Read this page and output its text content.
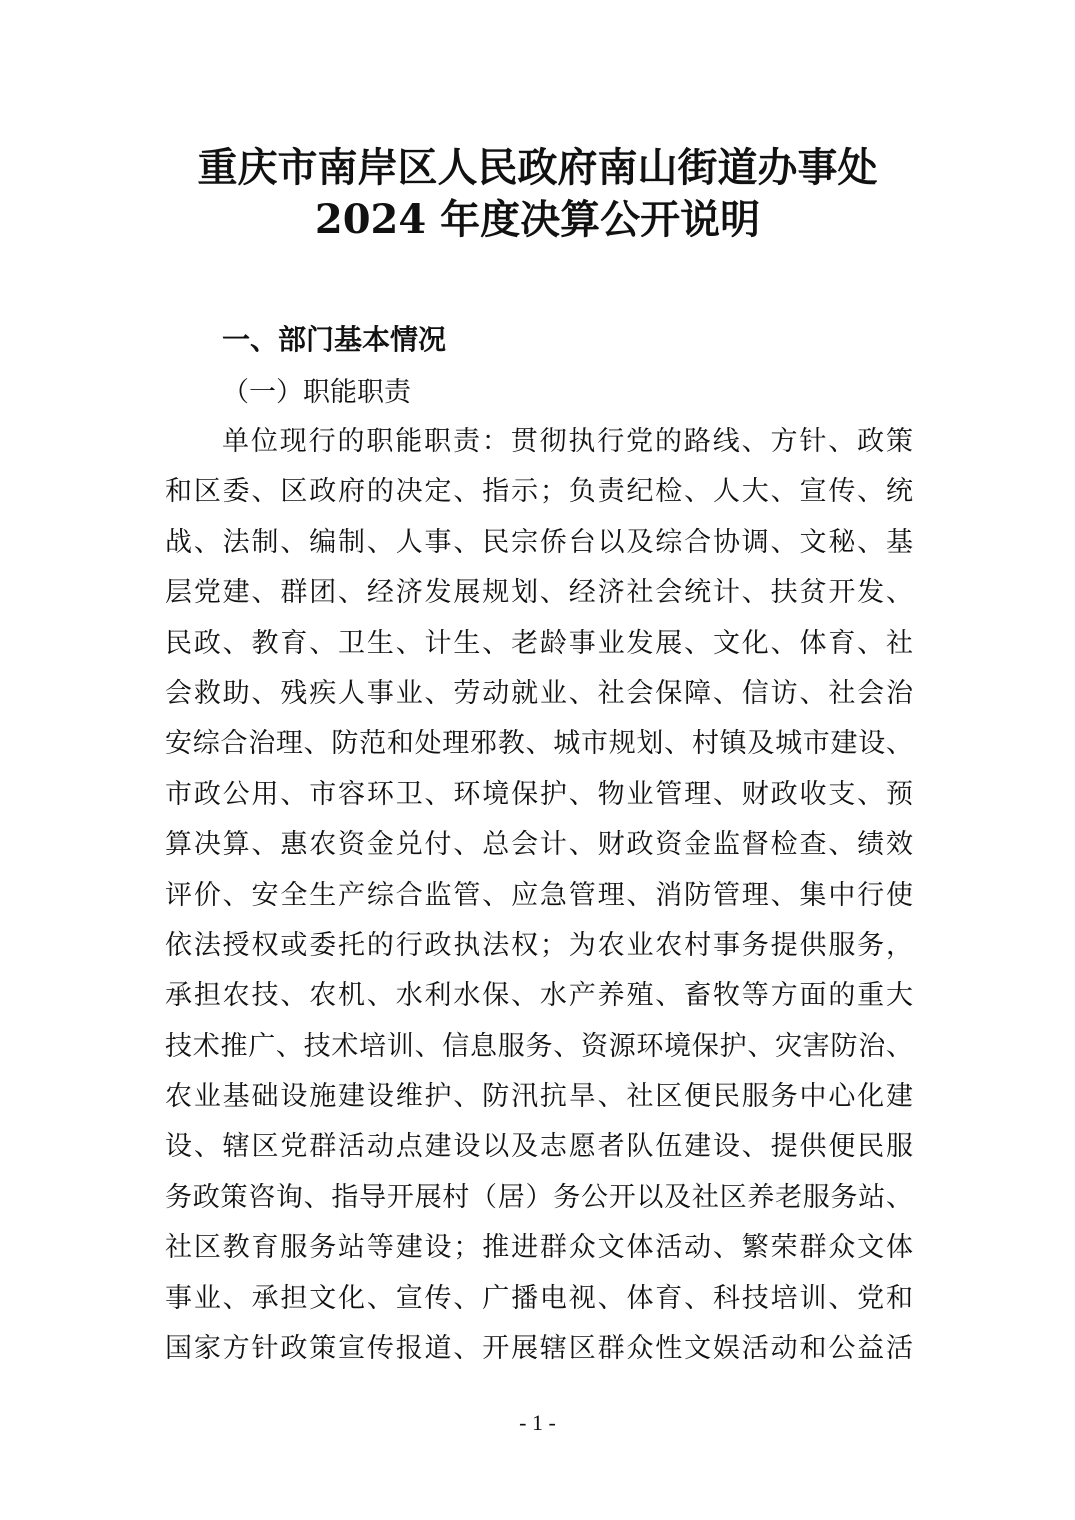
重庆市南岸区人民政府南山街道办事处
2024 年度决算公开说明
一、部门基本情况
（一）职能职责
单位现行的职能职责：贯彻执行党的路线、方针、政策
和区委、区政府的决定、指示；负责纪检、人大、宣传、统
战、法制、编制、人事、民宗侨台以及综合协调、文秘、基
层党建、群团、经济发展规划、经济社会统计、扶贫开发、
民政、教育、卫生、计生、老龄事业发展、文化、体育、社
会救助、残疾人事业、劳动就业、社会保障、信访、社会治
安综合治理、防范和处理邪教、城市规划、村镇及城市建设、
市政公用、市容环卫、环境保护、物业管理、财政收支、预
算决算、惠农资金兑付、总会计、财政资金监督检查、绩效
评价、安全生产综合监管、应急管理、消防管理、集中行使
依法授权或委托的行政执法权；为农业农村事务提供服务，
承担农技、农机、水利水保、水产养殖、畜牧等方面的重大
技术推广、技术培训、信息服务、资源环境保护、灾害防治、
农业基础设施建设维护、防汛抗旱、社区便民服务中心化建
设、辖区党群活动点建设以及志愿者队伍建设、提供便民服
务政策咨询、指导开展村（居）务公开以及社区养老服务站、
社区教育服务站等建设；推进群众文体活动、繁荣群众文体
事业、承担文化、宣传、广播电视、体育、科技培训、党和
国家方针政策宣传报道、开展辖区群众性文娱活动和公益活
- 1 -
